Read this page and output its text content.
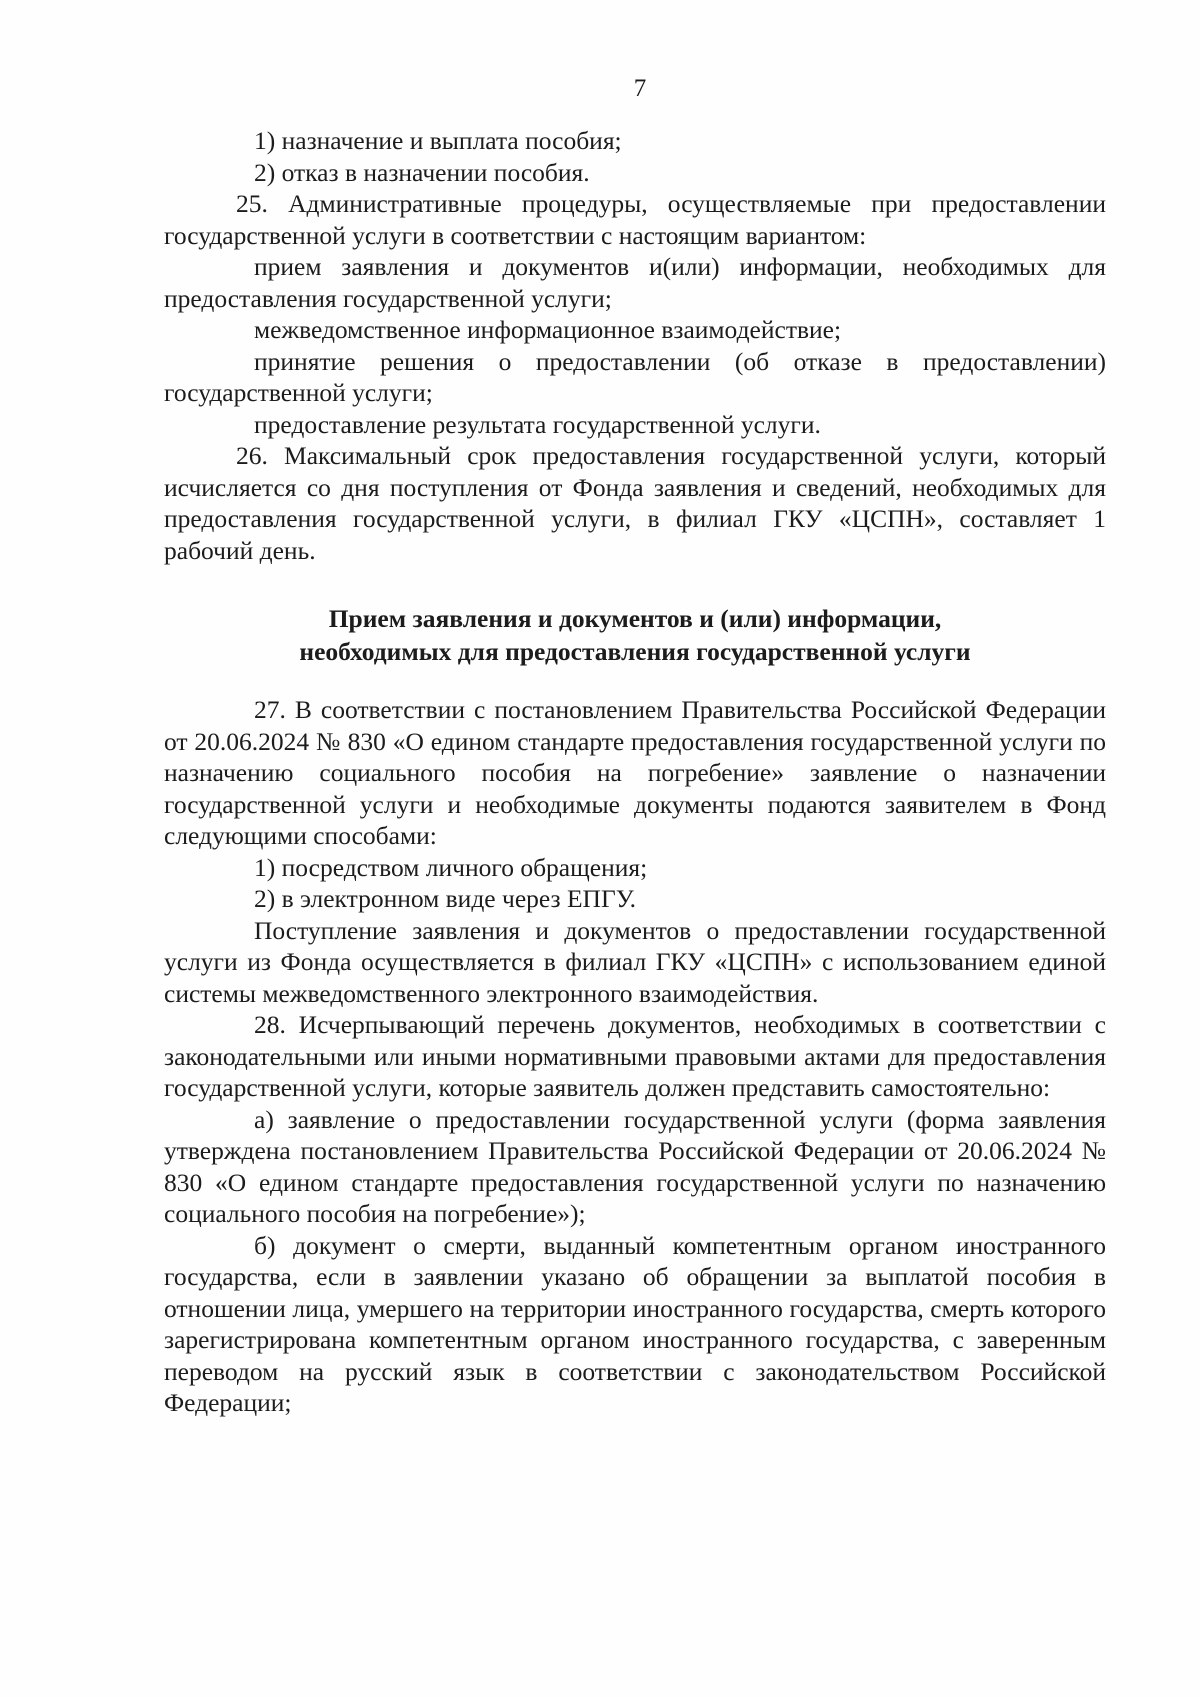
7

1) назначение и выплата пособия;

2) отказ в назначении пособия.

25. Административные процедуры, осуществляемые при предоставлении государственной услуги в соответствии с настоящим вариантом:

прием заявления и документов и(или) информации, необходимых для предоставления государственной услуги;

межведомственное информационное взаимодействие;

принятие решения о предоставлении (об отказе в предоставлении) государственной услуги;

предоставление результата государственной услуги.

26. Максимальный срок предоставления государственной услуги, который исчисляется со дня поступления от Фонда заявления и сведений, необходимых для предоставления государственной услуги, в филиал ГКУ «ЦСПН», составляет 1 рабочий день.

Прием заявления и документов и (или) информации,
необходимых для предоставления государственной услуги

27. В соответствии с постановлением Правительства Российской Федерации от 20.06.2024 № 830 «О едином стандарте предоставления государственной услуги по назначению социального пособия на погребение» заявление о назначении государственной услуги и необходимые документы подаются заявителем в Фонд следующими способами:

1) посредством личного обращения;

2) в электронном виде через ЕПГУ.

Поступление заявления и документов о предоставлении государственной услуги из Фонда осуществляется в филиал ГКУ «ЦСПН» с использованием единой системы межведомственного электронного взаимодействия.

28. Исчерпывающий перечень документов, необходимых в соответствии с законодательными или иными нормативными правовыми актами для предоставления государственной услуги, которые заявитель должен представить самостоятельно:

а) заявление о предоставлении государственной услуги (форма заявления утверждена постановлением Правительства Российской Федерации от 20.06.2024 № 830 «О едином стандарте предоставления государственной услуги по назначению социального пособия на погребение»);

б) документ о смерти, выданный компетентным органом иностранного государства, если в заявлении указано об обращении за выплатой пособия в отношении лица, умершего на территории иностранного государства, смерть которого зарегистрирована компетентным органом иностранного государства, с заверенным переводом на русский язык в соответствии с законодательством Российской Федерации;
